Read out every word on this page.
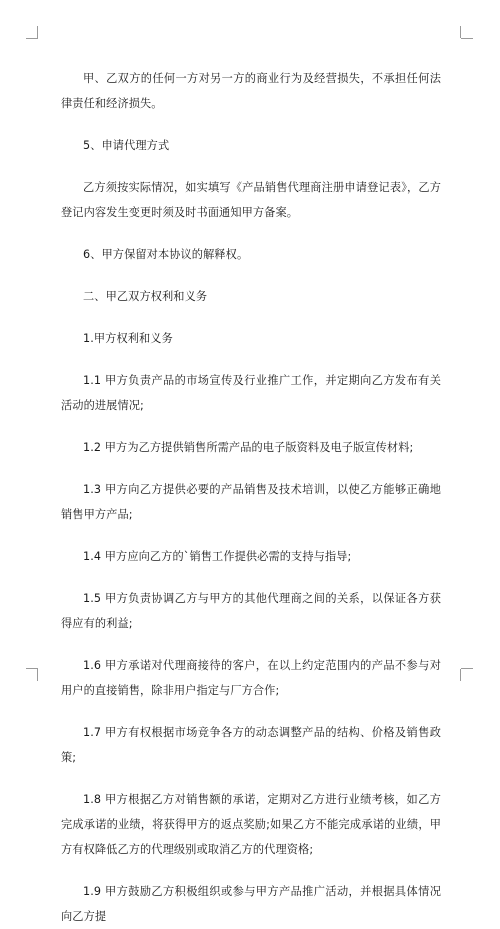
甲、乙双方的任何一方对另一方的商业行为及经营损失，不承担任何法律责任和经济损失。

5、申请代理方式

乙方须按实际情况，如实填写《产品销售代理商注册申请登记表》，乙方登记内容发生变更时须及时书面通知甲方备案。

6、甲方保留对本协议的解释权。

二、甲乙双方权利和义务

1.甲方权利和义务

1.1 甲方负责产品的市场宣传及行业推广工作，并定期向乙方发布有关活动的进展情况;

1.2 甲方为乙方提供销售所需产品的电子版资料及电子版宣传材料;

1.3 甲方向乙方提供必要的产品销售及技术培训，以使乙方能够正确地销售甲方产品;

1.4 甲方应向乙方的`销售工作提供必需的支持与指导;

1.5 甲方负责协调乙方与甲方的其他代理商之间的关系，以保证各方获得应有的利益;

1.6 甲方承诺对代理商接待的客户，在以上约定范围内的产品不参与对用户的直接销售，除非用户指定与厂方合作;

1.7 甲方有权根据市场竞争各方的动态调整产品的结构、价格及销售政策;

1.8 甲方根据乙方对销售额的承诺，定期对乙方进行业绩考核，如乙方完成承诺的业绩，将获得甲方的返点奖励;如果乙方不能完成承诺的业绩，甲方有权降低乙方的代理级别或取消乙方的代理资格;

1.9 甲方鼓励乙方积极组织或参与甲方产品推广活动，并根据具体情况向乙方提
